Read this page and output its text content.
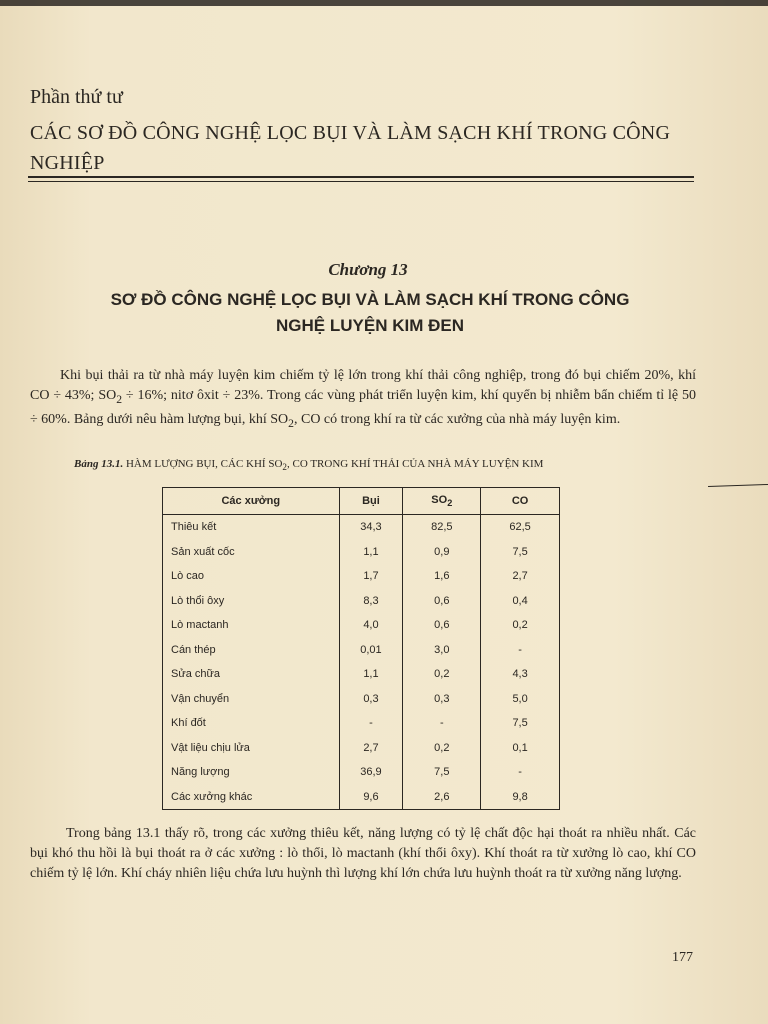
Phần thứ tư
CÁC SƠ ĐỒ CÔNG NGHỆ LỌC BỤI VÀ LÀM SẠCH KHÍ TRONG CÔNG NGHIỆP
Chương 13
SƠ ĐỒ CÔNG NGHỆ LỌC BỤI VÀ LÀM SẠCH KHÍ TRONG CÔNG NGHỆ LUYỆN KIM ĐEN

Khi bụi thải ra từ nhà máy luyện kim chiếm tỷ lệ lớn trong khí thải công nghiệp, trong đó bụi chiếm 20%, khí CO ÷ 43%; $SO_2 \div 16\%$; nitơ ôxit ÷ 23%. Trong các vùng phát triển luyện kim, khí quyển bị nhiễm bẩn chiếm tỉ lệ 50 ÷ 60%. Bảng dưới nêu hàm lượng bụi, khí $SO_2$, CO có trong khí ra từ các xưởng của nhà máy luyện kim.

Bảng 13.1. HÀM LƯỢNG BỤI, CÁC KHÍ $SO_2$, CO TRONG KHÍ THẢI CỦA NHÀ MÁY LUYỆN KIM
Các xưởng	Bụi	$SO_2$	CO
Thiêu kết	34,3	82,5	62,5
Sản xuất cốc	1,1	0,9	7,5
Lò cao	1,7	1,6	2,7
Lò thổi ôxy	8,3	0,6	0,4
Lò mactanh	4,0	0,6	0,2
Cán thép	0,01	3,0	-
Sửa chữa	1,1	0,2	4,3
Vận chuyển	0,3	0,3	5,0
Khí đốt	-	-	7,5
Vật liệu chịu lửa	2,7	0,2	0,1
Năng lượng	36,9	7,5	-
Các xưởng khác	9,6	2,6	9,8

Trong bảng 13.1 thấy rõ, trong các xưởng thiêu kết, năng lượng có tỷ lệ chất độc hại thoát ra nhiều nhất. Các bụi khó thu hồi là bụi thoát ra ở các xưởng : lò thổi, lò mactanh (khí thổi ôxy). Khí thoát ra từ xưởng lò cao, khí CO chiếm tỷ lệ lớn. Khí cháy nhiên liệu chứa lưu huỳnh thì lượng khí lớn chứa lưu huỳnh thoát ra từ xưởng năng lượng.

177
